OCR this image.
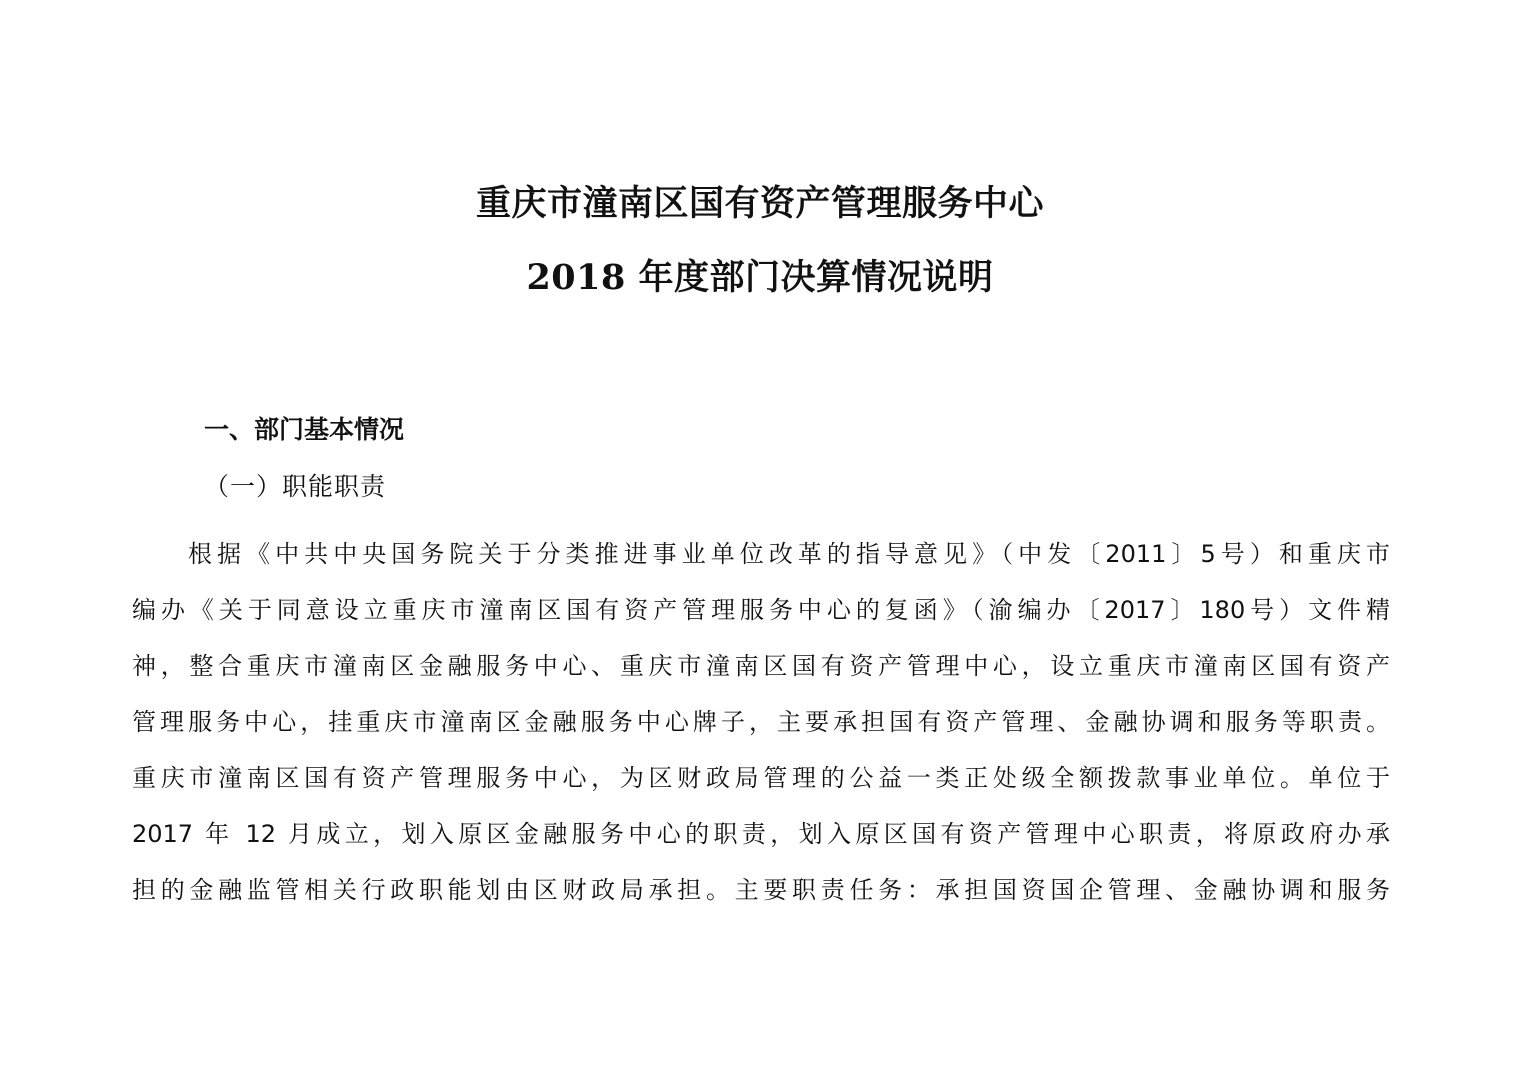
重庆市潼南区国有资产管理服务中心
2018 年度部门决算情况说明
一、部门基本情况
（一）职能职责
根据《中共中央国务院关于分类推进事业单位改革的指导意见》（中发〔2011〕5号）和重庆市
编办《关于同意设立重庆市潼南区国有资产管理服务中心的复函》（渝编办〔2017〕180号）文件精
神，整合重庆市潼南区金融服务中心、重庆市潼南区国有资产管理中心，设立重庆市潼南区国有资产
管理服务中心，挂重庆市潼南区金融服务中心牌子，主要承担国有资产管理、金融协调和服务等职责。
重庆市潼南区国有资产管理服务中心，为区财政局管理的公益一类正处级全额拨款事业单位。单位于
2017 年 12 月成立，划入原区金融服务中心的职责，划入原区国有资产管理中心职责，将原政府办承
担的金融监管相关行政职能划由区财政局承担。主要职责任务：承担国资国企管理、金融协调和服务
